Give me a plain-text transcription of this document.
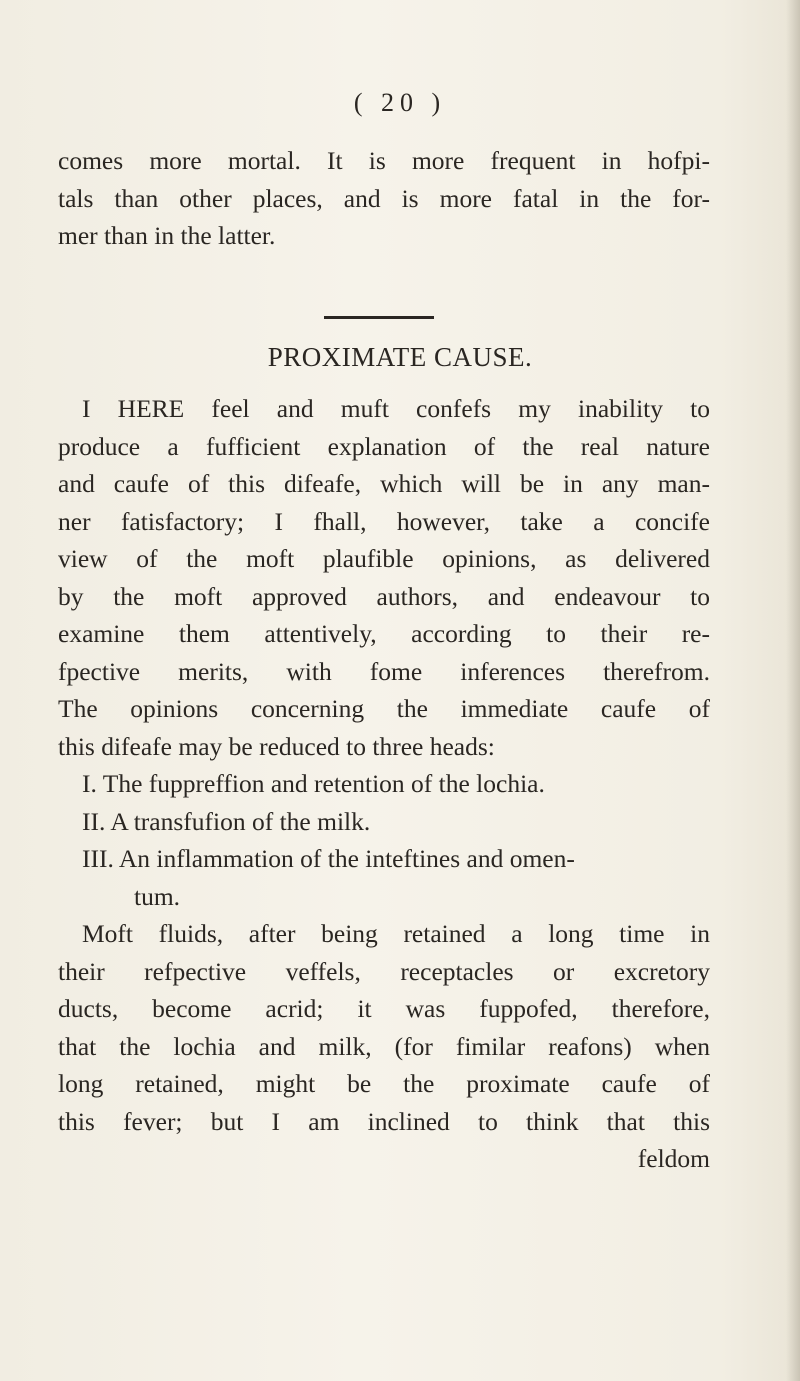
( 20 )
comes more mortal. It is more frequent in hofpi-
tals than other places, and is more fatal in the for-
mer than in the latter.
PROXIMATE CAUSE.
I HERE feel and muft confefs my inability to
produce a fufficient explanation of the real nature
and caufe of this difeafe, which will be in any man-
ner fatisfactory; I fhall, however, take a concife
view of the moft plaufible opinions, as delivered
by the moft approved authors, and endeavour to
examine them attentively, according to their re-
fpective merits, with fome inferences therefrom.
The opinions concerning the immediate caufe of
this difeafe may be reduced to three heads:
I. The fuppreffion and retention of the lochia.
II. A transfufion of the milk.
III. An inflammation of the inteftines and omen-
tum.
Moft fluids, after being retained a long time in
their refpective veffels, receptacles or excretory
ducts, become acrid; it was fuppofed, therefore,
that the lochia and milk, (for fimilar reafons) when
long retained, might be the proximate caufe of
this fever; but I am inclined to think that this
feldom
